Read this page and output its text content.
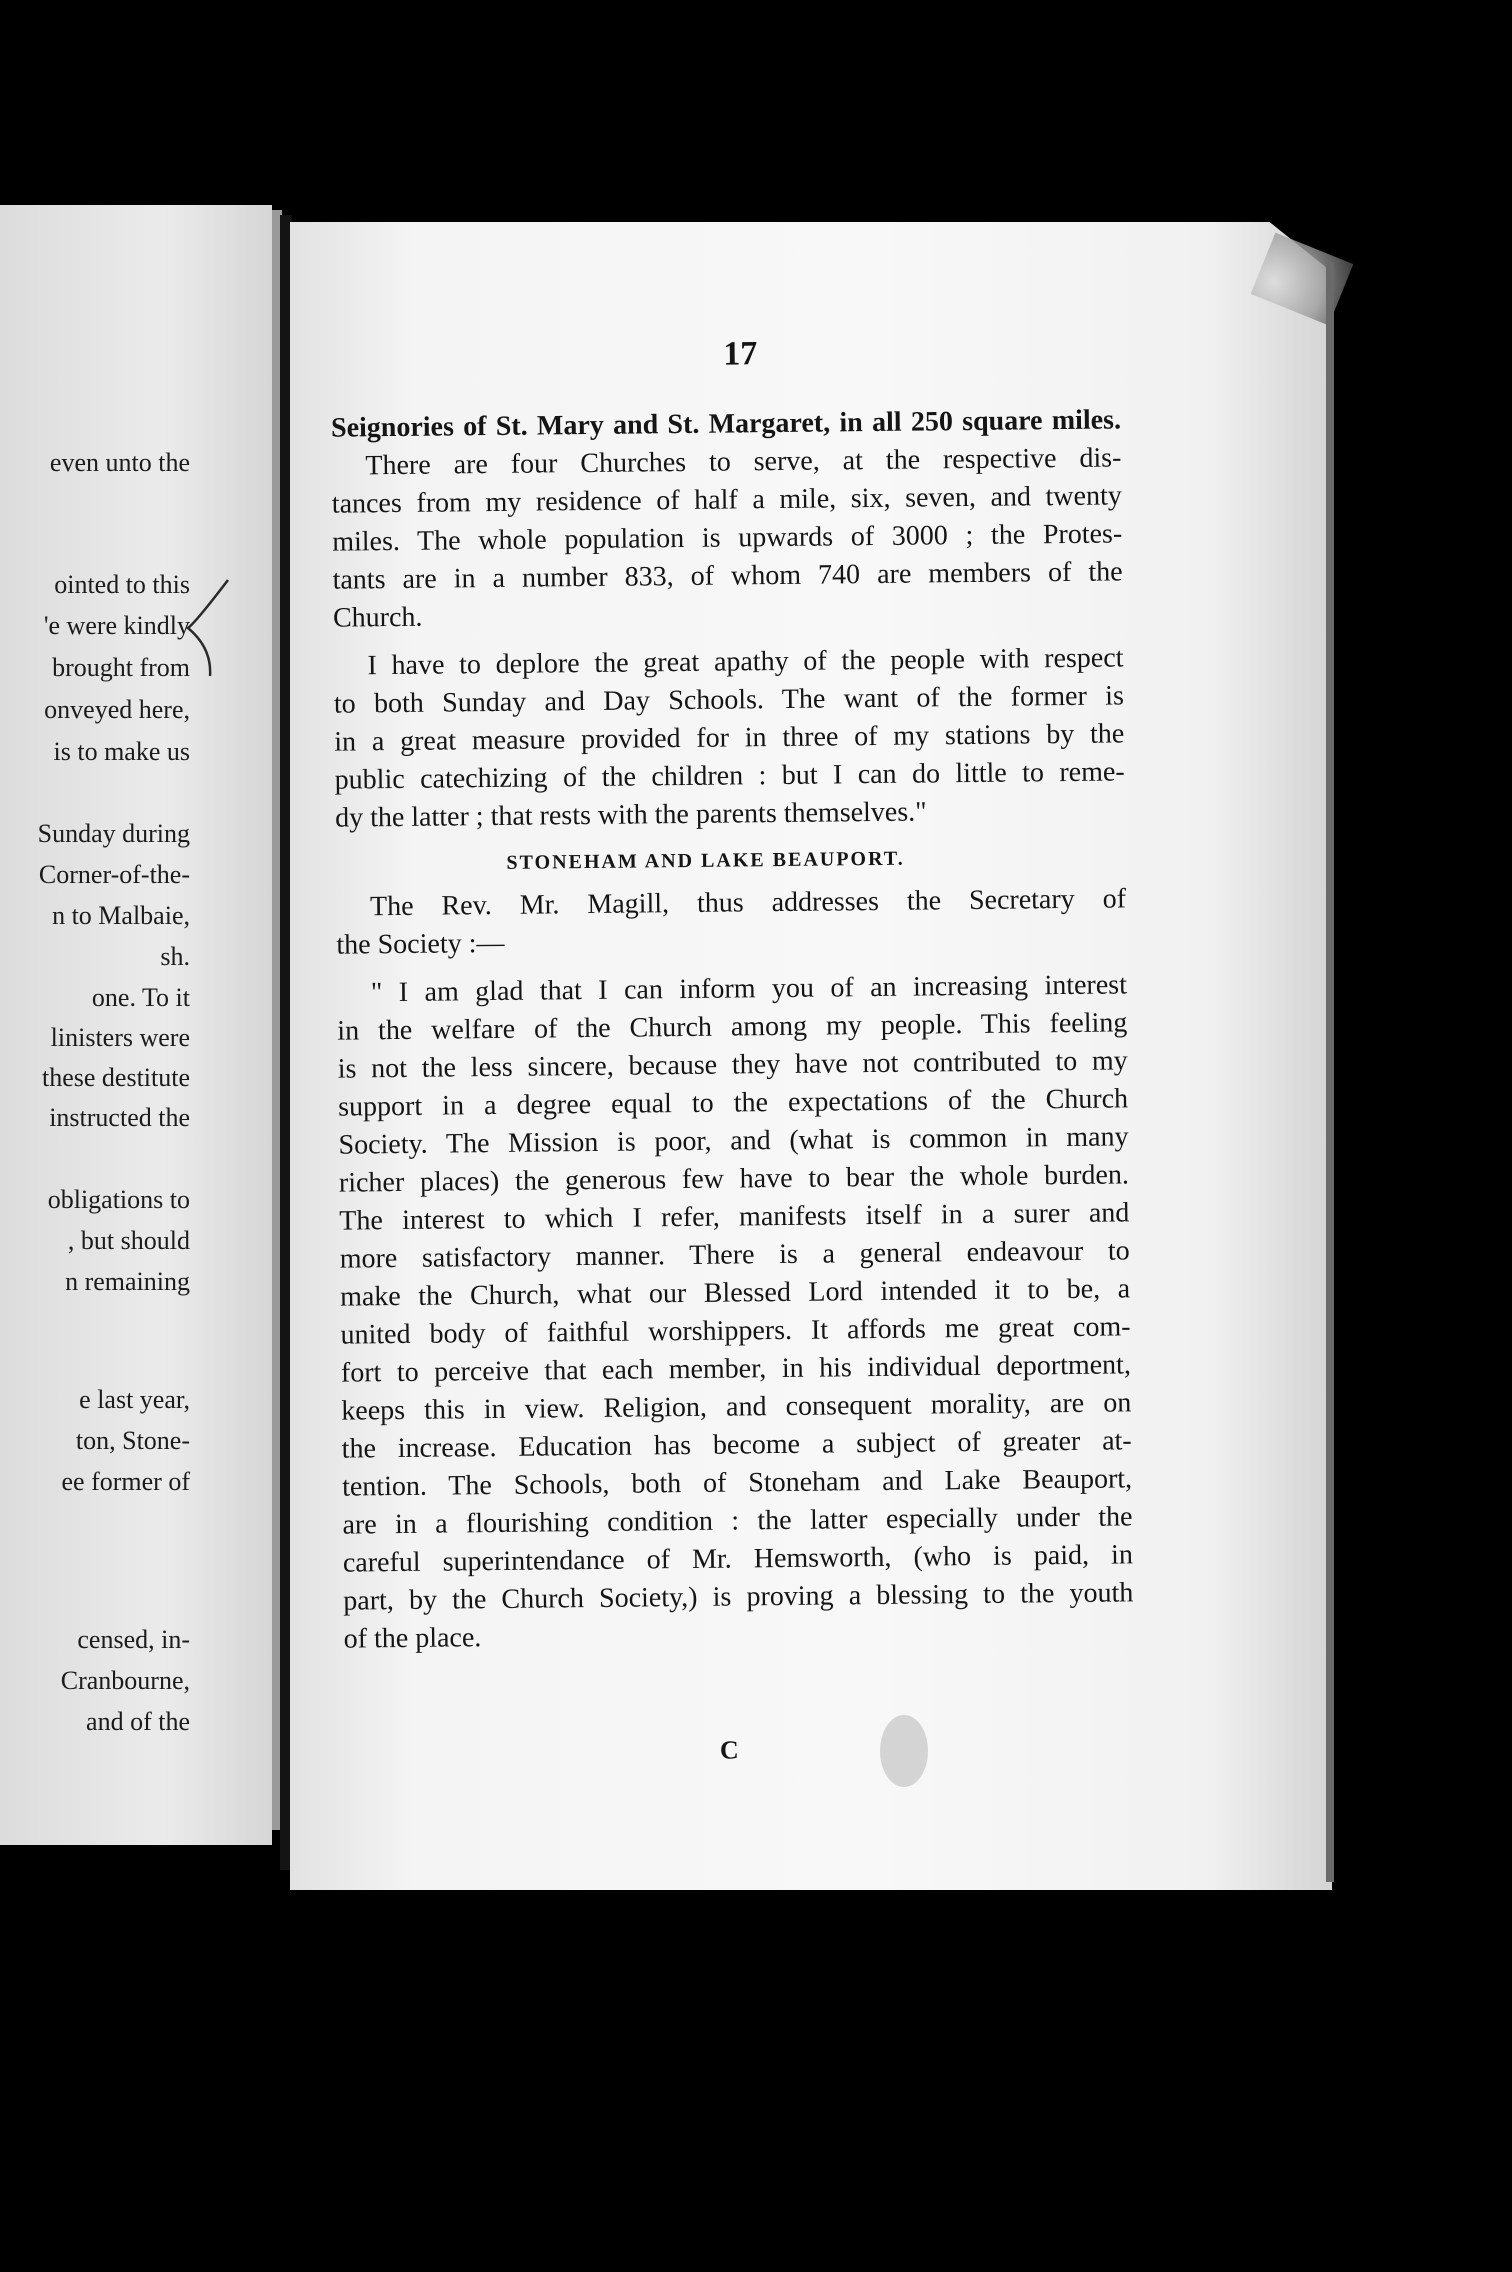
even unto the
ointed to this
'e were kindly
brought from
onveyed here,
is to make us
Sunday during
Corner-of-the-
n to Malbaie,
sh.
one. To it
linisters were
these destitute
instructed the
obligations to
, but should
n remaining
e last year,
ton, Stone-
ee former of
censed, in-
Cranbourne,
and of the
17

Seignories of St. Mary and St. Margaret, in all 250 square miles.

There are four Churches to serve, at the respective dis-

tances from my residence of half a mile, six, seven, and twenty

miles. The whole population is upwards of 3000 ; the Protes-

tants are in a number 833, of whom 740 are members of the

Church.

I have to deplore the great apathy of the people with respect

to both Sunday and Day Schools. The want of the former is

in a great measure provided for in three of my stations by the

public catechizing of the children : but I can do little to reme-

dy the latter ; that rests with the parents themselves."

STONEHAM AND LAKE BEAUPORT.

The Rev. Mr. Magill, thus addresses the Secretary of

the Society :—

" I am glad that I can inform you of an increasing interest

in the welfare of the Church among my people. This feeling

is not the less sincere, because they have not contributed to my

support in a degree equal to the expectations of the Church

Society. The Mission is poor, and (what is common in many

richer places) the generous few have to bear the whole burden.

The interest to which I refer, manifests itself in a surer and

more satisfactory manner. There is a general endeavour to

make the Church, what our Blessed Lord intended it to be, a

united body of faithful worshippers. It affords me great com-

fort to perceive that each member, in his individual deportment,

keeps this in view. Religion, and consequent morality, are on

the increase. Education has become a subject of greater at-

tention. The Schools, both of Stoneham and Lake Beauport,

are in a flourishing condition : the latter especially under the

careful superintendance of Mr. Hemsworth, (who is paid, in

part, by the Church Society,) is proving a blessing to the youth

of the place.

C
